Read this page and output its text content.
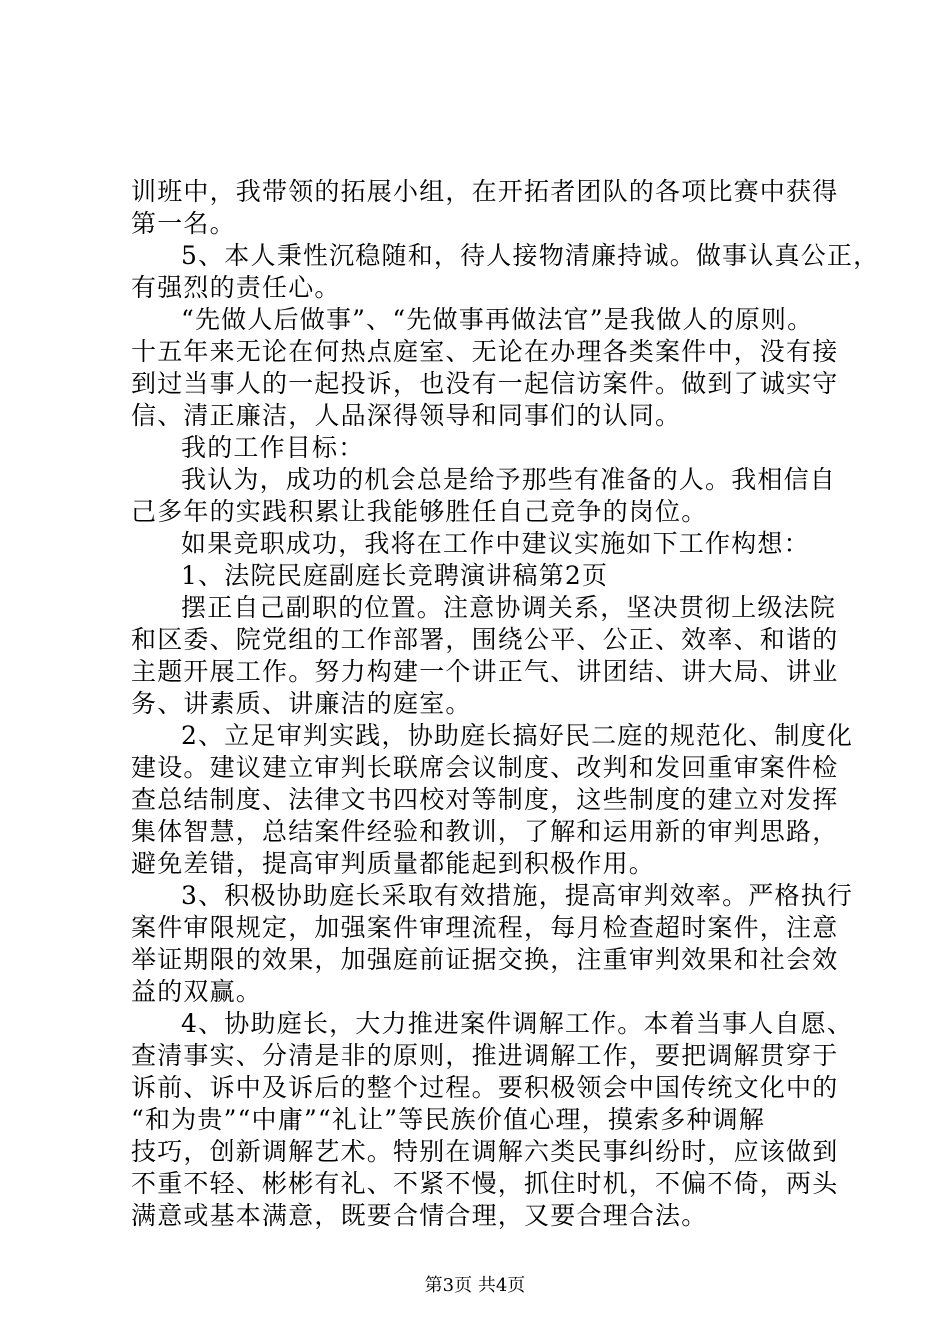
训班中，我带领的拓展小组，在开拓者团队的各项比赛中获得
第一名。
5、本人秉性沉稳随和，待人接物清廉持诚。做事认真公正，
有强烈的责任心。
“先做人后做事”、“先做事再做法官”是我做人的原则。
十五年来无论在何热点庭室、无论在办理各类案件中，没有接
到过当事人的一起投诉，也没有一起信访案件。做到了诚实守
信、清正廉洁，人品深得领导和同事们的认同。
我的工作目标：
我认为，成功的机会总是给予那些有准备的人。我相信自
己多年的实践积累让我能够胜任自己竞争的岗位。
如果竞职成功，我将在工作中建议实施如下工作构想：
1、法院民庭副庭长竞聘演讲稿第2页
摆正自己副职的位置。注意协调关系，坚决贯彻上级法院
和区委、院党组的工作部署，围绕公平、公正、效率、和谐的
主题开展工作。努力构建一个讲正气、讲团结、讲大局、讲业
务、讲素质、讲廉洁的庭室。
2、立足审判实践，协助庭长搞好民二庭的规范化、制度化
建设。建议建立审判长联席会议制度、改判和发回重审案件检
查总结制度、法律文书四校对等制度，这些制度的建立对发挥
集体智慧，总结案件经验和教训，了解和运用新的审判思路，
避免差错，提高审判质量都能起到积极作用。
3、积极协助庭长采取有效措施，提高审判效率。严格执行
案件审限规定，加强案件审理流程，每月检查超时案件，注意
举证期限的效果，加强庭前证据交换，注重审判效果和社会效
益的双赢。
4、协助庭长，大力推进案件调解工作。本着当事人自愿、
查清事实、分清是非的原则，推进调解工作，要把调解贯穿于
诉前、诉中及诉后的整个过程。要积极领会中国传统文化中的
“和为贵”“中庸”“礼让”等民族价值心理，摸索多种调解
技巧，创新调解艺术。特别在调解六类民事纠纷时，应该做到
不重不轻、彬彬有礼、不紧不慢，抓住时机，不偏不倚，两头
满意或基本满意，既要合情合理，又要合理合法。
第3页 共4页
